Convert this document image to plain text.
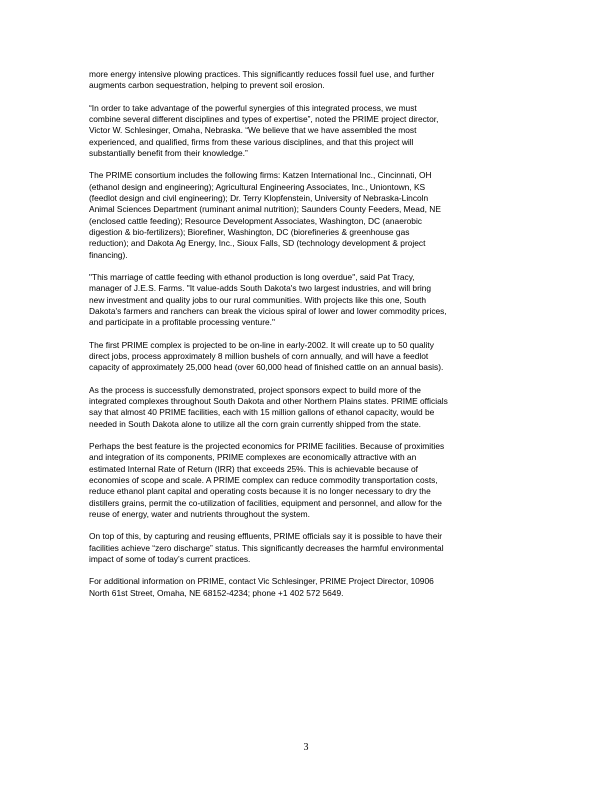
more energy intensive plowing practices. This significantly reduces fossil fuel use, and further
augments carbon sequestration, helping to prevent soil erosion.

“In order to take advantage of the powerful synergies of this integrated process, we must
combine several different disciplines and types of expertise”, noted the PRIME project director,
Victor W. Schlesinger, Omaha, Nebraska. “We believe that we have assembled the most
experienced, and qualified, firms from these various disciplines, and that this project will
substantially benefit from their knowledge.”

The PRIME consortium includes the following firms: Katzen International Inc., Cincinnati, OH
(ethanol design and engineering); Agricultural Engineering Associates, Inc., Uniontown, KS
(feedlot design and civil engineering); Dr. Terry Klopfenstein, University of Nebraska-Lincoln
Animal Sciences Department (ruminant animal nutrition); Saunders County Feeders, Mead, NE
(enclosed cattle feeding); Resource Development Associates, Washington, DC (anaerobic
digestion & bio-fertilizers); Biorefiner, Washington, DC (biorefineries & greenhouse gas
reduction); and Dakota Ag Energy, Inc., Sioux Falls, SD (technology development & project
financing).

"This marriage of cattle feeding with ethanol production is long overdue", said Pat Tracy,
manager of J.E.S. Farms. "It value-adds South Dakota's two largest industries, and will bring
new investment and quality jobs to our rural communities. With projects like this one, South
Dakota's farmers and ranchers can break the vicious spiral of lower and lower commodity prices,
and participate in a profitable processing venture."

The first PRIME complex is projected to be on-line in early-2002. It will create up to 50 quality
direct jobs, process approximately 8 million bushels of corn annually, and will have a feedlot
capacity of approximately 25,000 head (over 60,000 head of finished cattle on an annual basis).

As the process is successfully demonstrated, project sponsors expect to build more of the
integrated complexes throughout South Dakota and other Northern Plains states. PRIME officials
say that almost 40 PRIME facilities, each with 15 million gallons of ethanol capacity, would be
needed in South Dakota alone to utilize all the corn grain currently shipped from the state.

Perhaps the best feature is the projected economics for PRIME facilities. Because of proximities
and integration of its components, PRIME complexes are economically attractive with an
estimated Internal Rate of Return (IRR) that exceeds 25%. This is achievable because of
economies of scope and scale. A PRIME complex can reduce commodity transportation costs,
reduce ethanol plant capital and operating costs because it is no longer necessary to dry the
distillers grains, permit the co-utilization of facilities, equipment and personnel, and allow for the
reuse of energy, water and nutrients throughout the system.

On top of this, by capturing and reusing effluents, PRIME officials say it is possible to have their
facilities achieve “zero discharge” status. This significantly decreases the harmful environmental
impact of some of today’s current practices.

For additional information on PRIME, contact Vic Schlesinger, PRIME Project Director, 10906
North 61st Street, Omaha, NE 68152-4234; phone +1 402 572 5649.

3
